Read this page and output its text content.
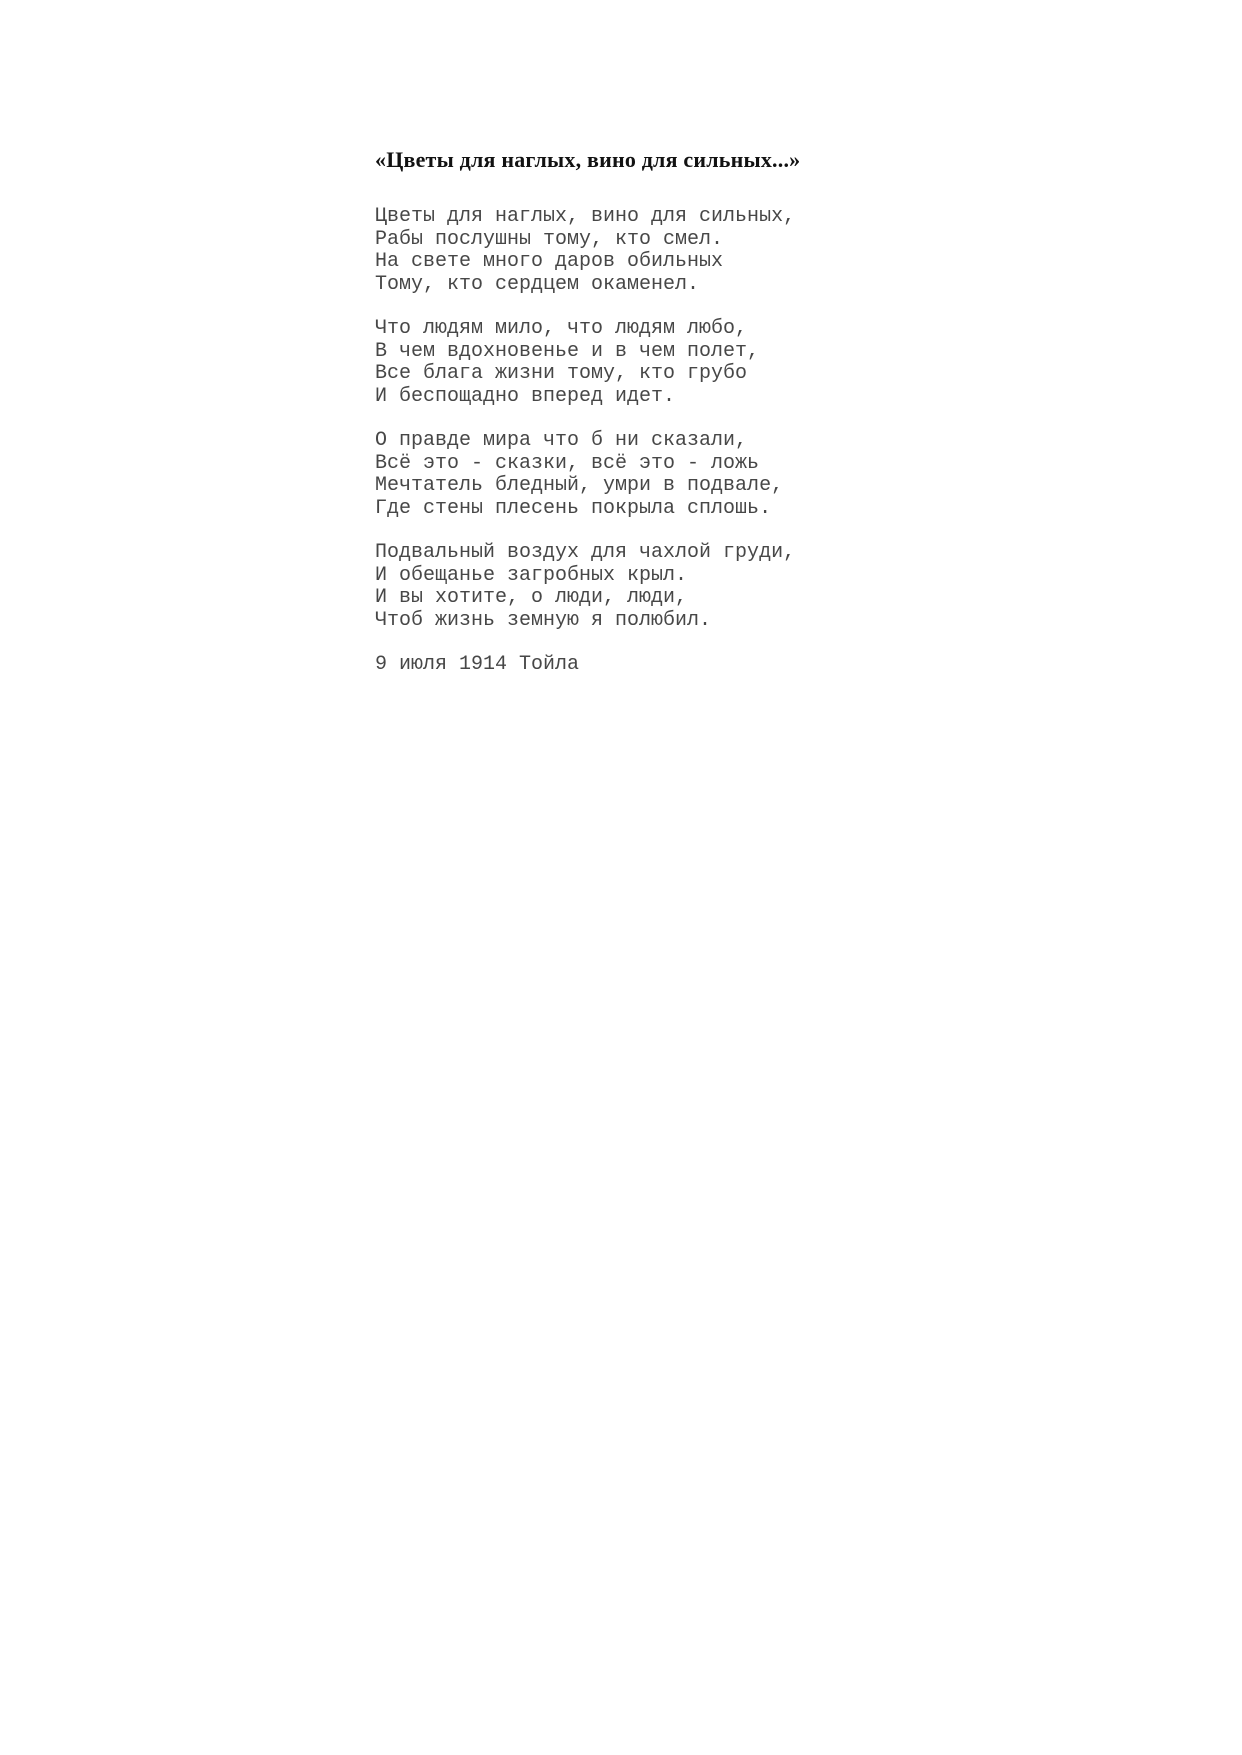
«Цветы для наглых, вино для сильных...»
Цветы для наглых, вино для сильных,
Рабы послушны тому, кто смел.
На свете много даров обильных
Тому, кто сердцем окаменел.
Что людям мило, что людям любо,
В чем вдохновенье и в чем полет,
Все блага жизни тому, кто грубо
И беспощадно вперед идет.
О правде мира что б ни сказали,
Всё это - сказки, всё это - ложь
Мечтатель бледный, умри в подвале,
Где стены плесень покрыла сплошь.
Подвальный воздух для чахлой груди,
И обещанье загробных крыл.
И вы хотите, о люди, люди,
Чтоб жизнь земную я полюбил.
9 июля 1914 Тойла
